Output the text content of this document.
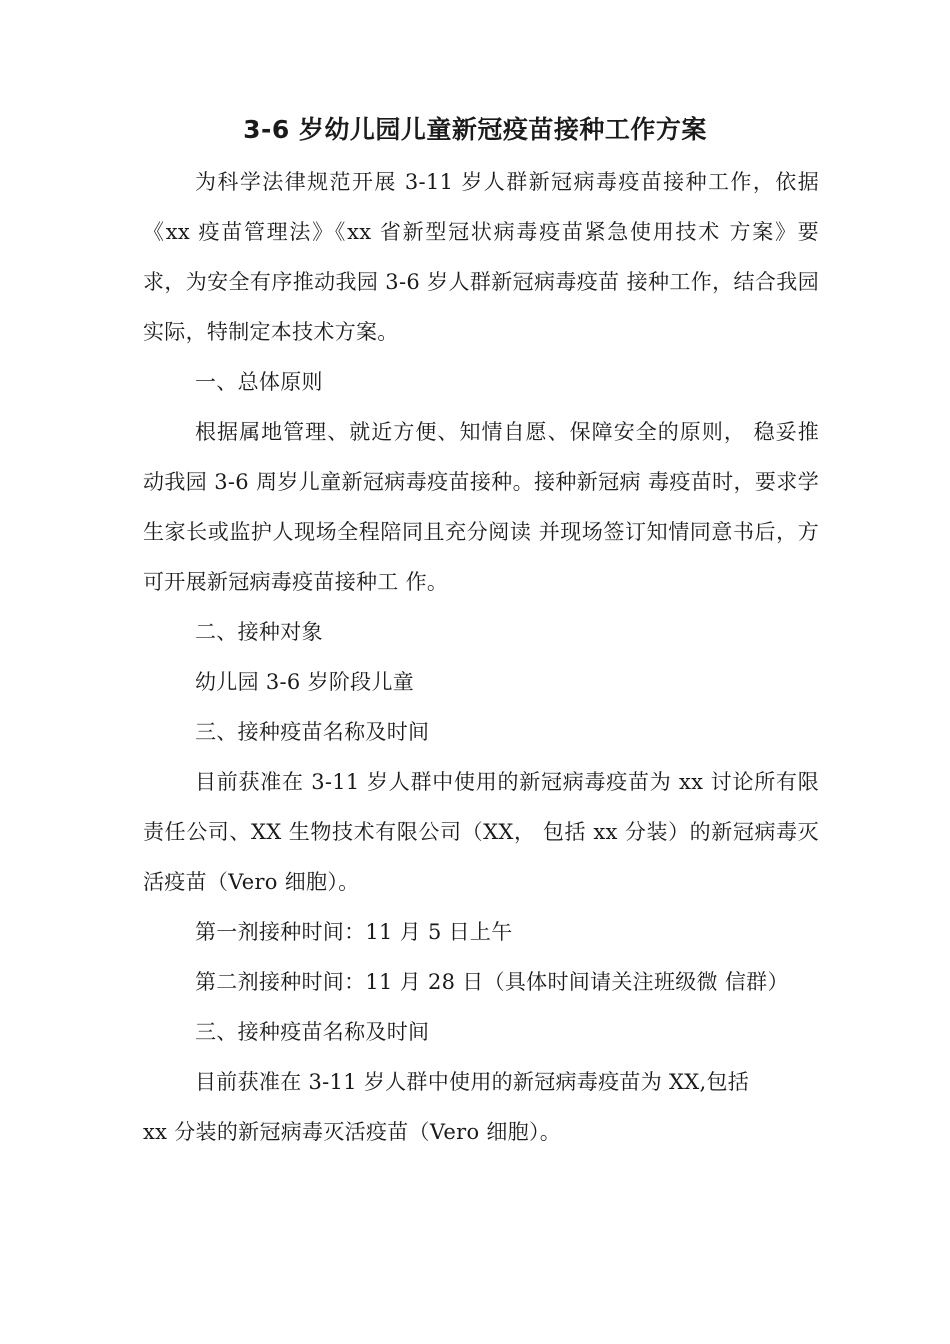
3-6 岁幼儿园儿童新冠疫苗接种工作方案

为科学法律规范开展 3-11 岁人群新冠病毒疫苗接种工作，依据《xx 疫苗管理法》《xx 省新型冠状病毒疫苗紧急使用技术 方案》要求，为安全有序推动我园 3-6 岁人群新冠病毒疫苗 接种工作，结合我园实际，特制定本技术方案。

一、总体原则

根据属地管理、就近方便、知情自愿、保障安全的原则， 稳妥推动我园 3-6 周岁儿童新冠病毒疫苗接种。接种新冠病 毒疫苗时，要求学生家长或监护人现场全程陪同且充分阅读 并现场签订知情同意书后，方可开展新冠病毒疫苗接种工 作。

二、接种对象

幼儿园 3-6 岁阶段儿童

三、接种疫苗名称及时间

目前获准在 3-11 岁人群中使用的新冠病毒疫苗为 xx 讨论所有限责任公司、XX 生物技术有限公司（XX， 包括 xx 分装）的新冠病毒灭活疫苗（Vero 细胞）。

第一剂接种时间：11 月 5 日上午

第二剂接种时间：11 月 28 日（具体时间请关注班级微 信群）

三、接种疫苗名称及时间

目前获准在 3-11 岁人群中使用的新冠病毒疫苗为 XX,包括

xx 分装的新冠病毒灭活疫苗（Vero 细胞）。
